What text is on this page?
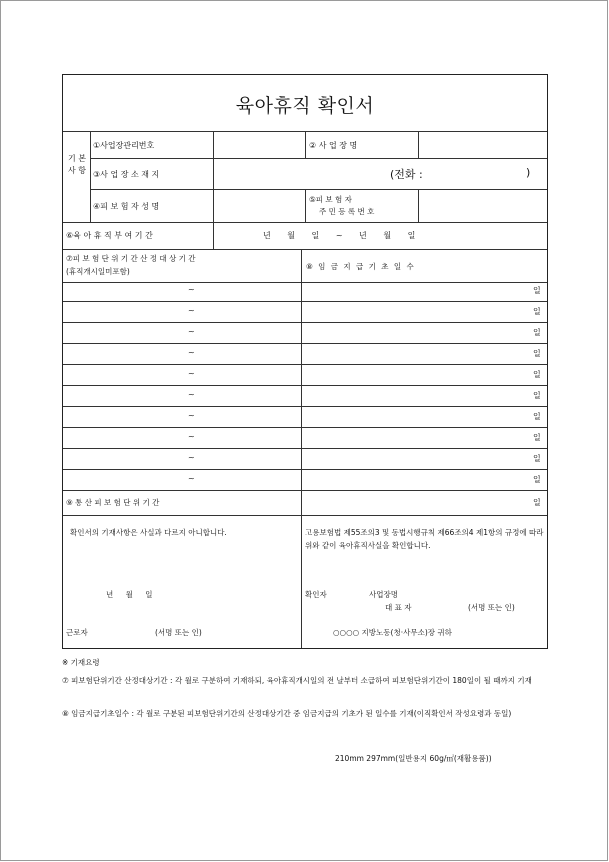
육아휴직 확인서
기 본 사 항
①사업장관리번호	② 사 업 장 명
③사 업 장 소 재 지	(전화 :	)
④피 보 험 자 성 명
⑤피 보 험 자
주 민 등 록 번 호
⑥육 아 휴 직 부 여 기 간	년 월 일 ~ 년 월 일
⑦피 보 험 단 위 기 간 산 정 대 상 기 간
(휴직개시일미포함)
⑧ 임 금 지 급 기 초 일 수
~	일
~	일
~	일
~	일
~	일
~	일
~	일
~	일
~	일
~	일
⑨ 통 산 피 보 험 단 위 기 간	일
확인서의 기재사항은 사실과 다르지 아니합니다.
년 월 일
근로자	(서명 또는 인)
고용보험법 제55조의3 및 동법시행규칙 제66조의4 제1항의 규정에 따라 위와 같이 육아휴직사실을 확인합니다.
확인자	사업장명
대 표 자	(서명 또는 인)
○○○○ 지방노동(청·사무소)장 귀하
※ 기재요령
⑦ 피보험단위기간 산정대상기간 : 각 월로 구분하여 기재하되, 육아휴직개시일의 전 날부터 소급하여 피보험단위기간이 180일이 될 때까지 기재
⑧ 임금지급기초일수 : 각 월로 구분된 피보험단위기간의 산정대상기간 중 임금지급의 기초가 된 일수를 기재(이직확인서 작성요령과 동일)
210mm 297mm(일반용지 60g/㎡(재활용품))
